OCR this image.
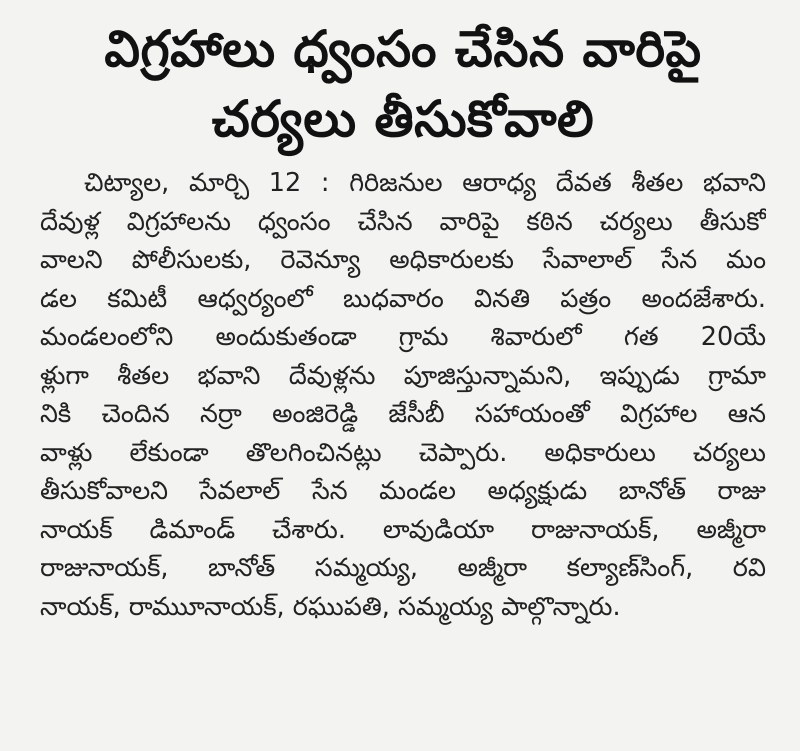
విగ్రహాలు ధ్వంసం చేసిన వారిపై
చర్యలు తీసుకోవాలి
చిట్యాల, మార్చి 12 : గిరిజనుల ఆరాధ్య దేవత శీతల భవాని
దేవుళ్ల విగ్రహాలను ధ్వంసం చేసిన వారిపై కఠిన చర్యలు తీసుకో
వాలని పోలీసులకు, రెవెన్యూ అధికారులకు సేవాలాల్ సేన మం
డల కమిటీ ఆధ్వర్యంలో బుధవారం వినతి పత్రం అందజేశారు.
మండలంలోని అందుకుతండా గ్రామ శివారులో గత 20యే
ళ్లుగా శీతల భవాని దేవుళ్లను పూజిస్తున్నామని, ఇప్పుడు గ్రామా
నికి చెందిన నర్రా అంజిరెడ్డి జేసీబీ సహాయంతో విగ్రహాల ఆన
వాళ్లు లేకుండా తొలగించినట్లు చెప్పారు. అధికారులు చర్యలు
తీసుకోవాలని సేవలాల్ సేన మండల అధ్యక్షుడు బానోత్ రాజు
నాయక్ డిమాండ్ చేశారు. లావుడియా రాజునాయక్, అజ్మీరా
రాజునాయక్, బానోత్ సమ్మయ్య, అజ్మీరా కల్యాణ్‌సింగ్, రవి
నాయక్, రాముూనాయక్, రఘుపతి, సమ్మయ్య పాల్గొన్నారు.
